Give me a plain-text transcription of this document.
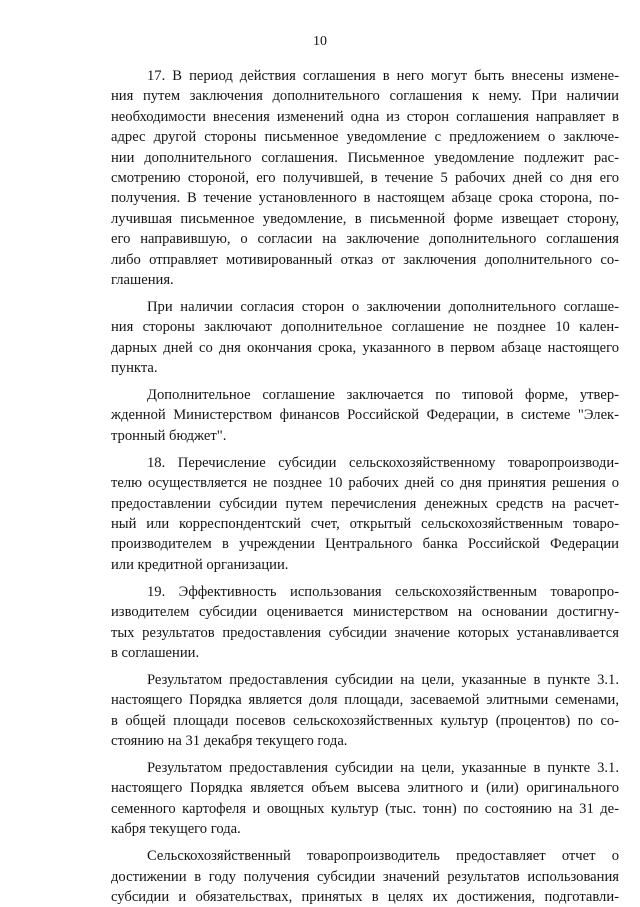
10
17. В период действия соглашения в него могут быть внесены измене-
ния путем заключения дополнительного соглашения к нему. При наличии
необходимости внесения изменений одна из сторон соглашения направляет в
адрес другой стороны письменное уведомление с предложением о заключе-
нии дополнительного соглашения. Письменное уведомление подлежит рас-
смотрению стороной, его получившей, в течение 5 рабочих дней со дня его
получения. В течение установленного в настоящем абзаце срока сторона, по-
лучившая письменное уведомление, в письменной форме извещает сторону,
его направившую, о согласии на заключение дополнительного соглашения
либо отправляет мотивированный отказ от заключения дополнительного со-
глашения.
При наличии согласия сторон о заключении дополнительного соглаше-
ния стороны заключают дополнительное соглашение не позднее 10 кален-
дарных дней со дня окончания срока, указанного в первом абзаце настоящего
пункта.
Дополнительное соглашение заключается по типовой форме, утвер-
жденной Министерством финансов Российской Федерации, в системе "Элек-
тронный бюджет".
18. Перечисление субсидии сельскохозяйственному товаропроизводи-
телю осуществляется не позднее 10 рабочих дней со дня принятия решения о
предоставлении субсидии путем перечисления денежных средств на расчет-
ный или корреспондентский счет, открытый сельскохозяйственным товаро-
производителем в учреждении Центрального банка Российской Федерации
или кредитной организации.
19. Эффективность использования сельскохозяйственным товаропро-
изводителем субсидии оценивается министерством на основании достигну-
тых результатов предоставления субсидии значение которых устанавливается
в соглашении.
Результатом предоставления субсидии на цели, указанные в пункте 3.1.
настоящего Порядка является доля площади, засеваемой элитными семенами,
в общей площади посевов сельскохозяйственных культур (процентов) по со-
стоянию на 31 декабря текущего года.
Результатом предоставления субсидии на цели, указанные в пункте 3.1.
настоящего Порядка является объем высева элитного и (или) оригинального
семенного картофеля и овощных культур (тыс. тонн) по состоянию на 31 де-
кабря текущего года.
Сельскохозяйственный товаропроизводитель предоставляет отчет о
достижении в году получения субсидии значений результатов использования
субсидии и обязательствах, принятых в целях их достижения, подготавли-
